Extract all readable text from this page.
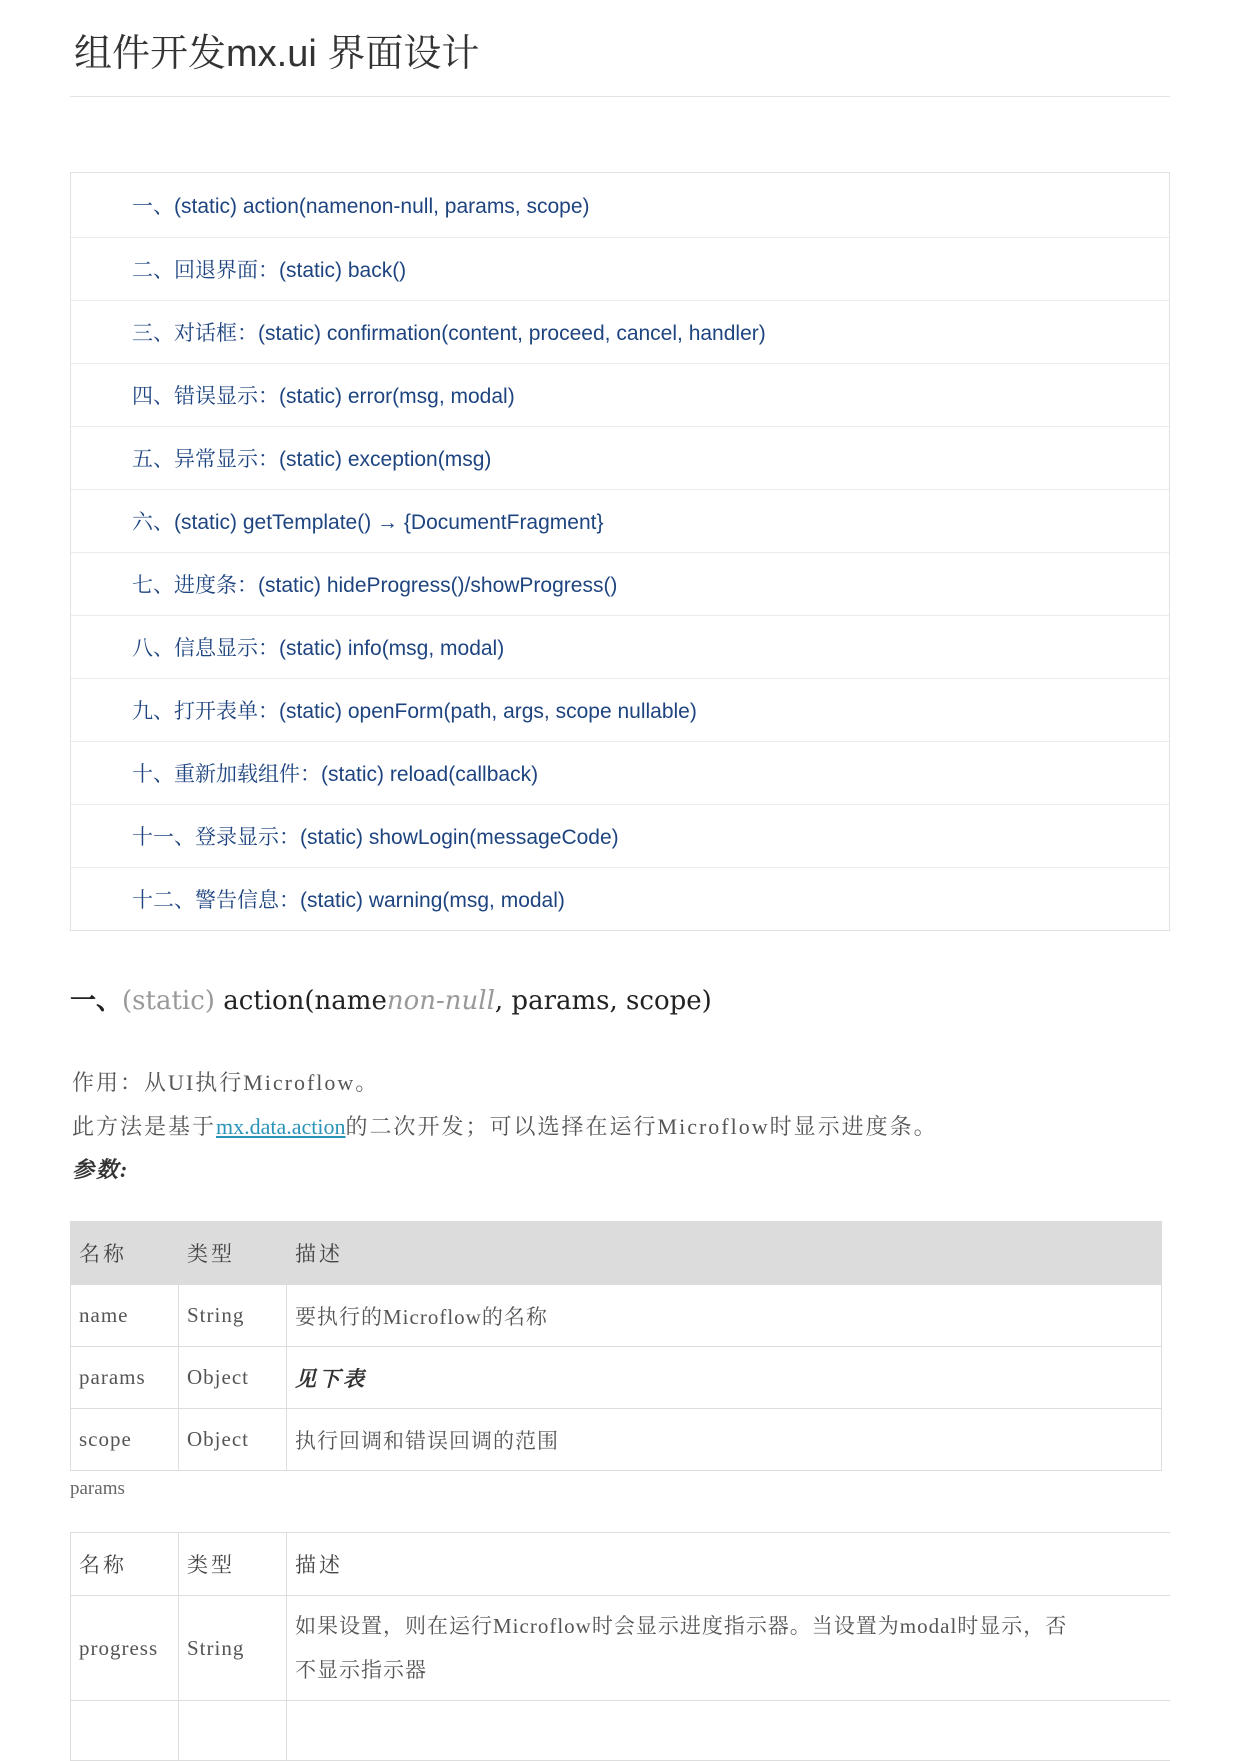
组件开发mx.ui 界面设计
一、(static) action(namenon-null, params, scope)
二、回退界面：(static) back()
三、对话框：(static) confirmation(content, proceed, cancel, handler)
四、错误显示：(static) error(msg, modal)
五、异常显示：(static) exception(msg)
六、(static) getTemplate() → {DocumentFragment}
七、进度条：(static) hideProgress()/showProgress()
八、信息显示：(static) info(msg, modal)
九、打开表单：(static) openForm(path, args, scope nullable)
十、重新加载组件：(static) reload(callback)
十一、登录显示：(static) showLogin(messageCode)
十二、警告信息：(static) warning(msg, modal)
一、(static) action(namenon-null, params, scope)

作用：从UI执行Microflow。

此方法是基于mx.data.action的二次开发；可以选择在运行Microflow时显示进度条。

参数:

名称	类型	描述
name	String	要执行的Microflow的名称
params	Object	见下表
scope	Object	执行回调和错误回调的范围

params

名称	类型	描述
progress	String	如果设置，则在运行Microflow时会显示进度指示器。当设置为modal时显示，否
不显示指示器
